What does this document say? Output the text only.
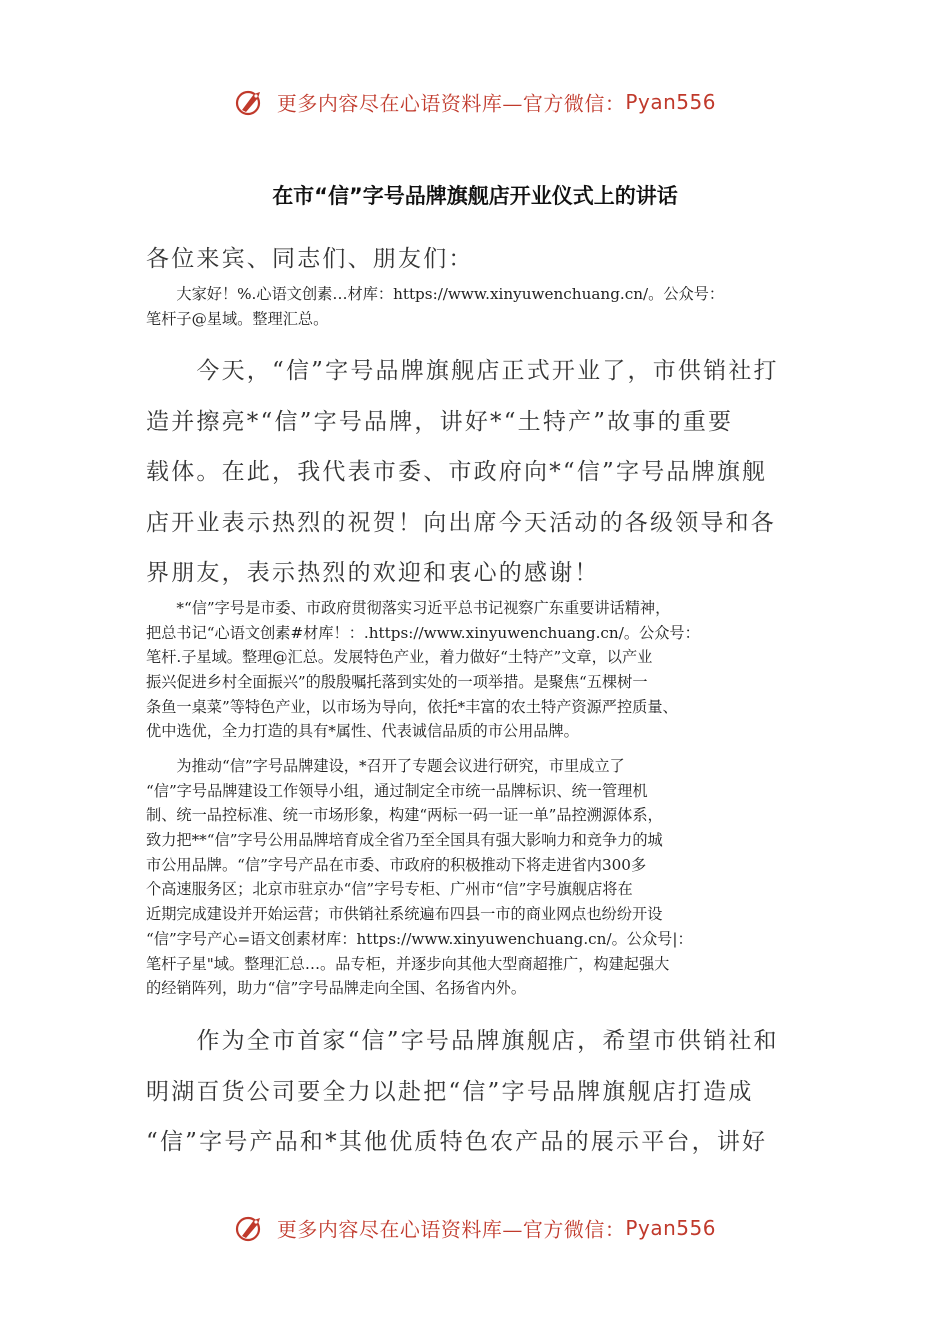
更多内容尽在心语资料库—官方微信：Pyan556
在市“信”字号品牌旗舰店开业仪式上的讲话
各位来宾、同志们、朋友们：
　　大家好！%.心语文创素…材库：https://www.xinyuwenchuang.cn/。公众号：
笔杆子@星域。整理汇总。
　　今天，“信”字号品牌旗舰店正式开业了，市供销社打
造并擦亮*“信”字号品牌，讲好*“土特产”故事的重要
载体。在此，我代表市委、市政府向*“信”字号品牌旗舰
店开业表示热烈的祝贺！向出席今天活动的各级领导和各
界朋友，表示热烈的欢迎和衷心的感谢！
　　*“信”字号是市委、市政府贯彻落实习近平总书记视察广东重要讲话精神，
把总书记“心语文创素#材库！：.https://www.xinyuwenchuang.cn/。公众号：
笔杆.子星域。整理@汇总。发展特色产业，着力做好“土特产”文章，以产业
振兴促进乡村全面振兴”的殷殷嘱托落到实处的一项举措。是聚焦“五棵树一
条鱼一桌菜”等特色产业，以市场为导向，依托*丰富的农土特产资源严控质量、
优中选优，全力打造的具有*属性、代表诚信品质的市公用品牌。
　　为推动“信”字号品牌建设，*召开了专题会议进行研究，市里成立了
“信”字号品牌建设工作领导小组，通过制定全市统一品牌标识、统一管理机
制、统一品控标准、统一市场形象，构建“两标一码一证一单”品控溯源体系，
致力把**“信”字号公用品牌培育成全省乃至全国具有强大影响力和竞争力的城
市公用品牌。“信”字号产品在市委、市政府的积极推动下将走进省内300多
个高速服务区；北京市驻京办“信”字号专柜、广州市“信”字号旗舰店将在
近期完成建设并开始运营；市供销社系统遍布四县一市的商业网点也纷纷开设
“信”字号产心=语文创素材库：https://www.xinyuwenchuang.cn/。公众号|：
笔杆子星"域。整理汇总…。品专柜，并逐步向其他大型商超推广，构建起强大
的经销阵列，助力“信”字号品牌走向全国、名扬省内外。
　　作为全市首家“信”字号品牌旗舰店，希望市供销社和
明湖百货公司要全力以赴把“信”字号品牌旗舰店打造成
“信”字号产品和*其他优质特色农产品的展示平台，讲好
更多内容尽在心语资料库—官方微信：Pyan556
